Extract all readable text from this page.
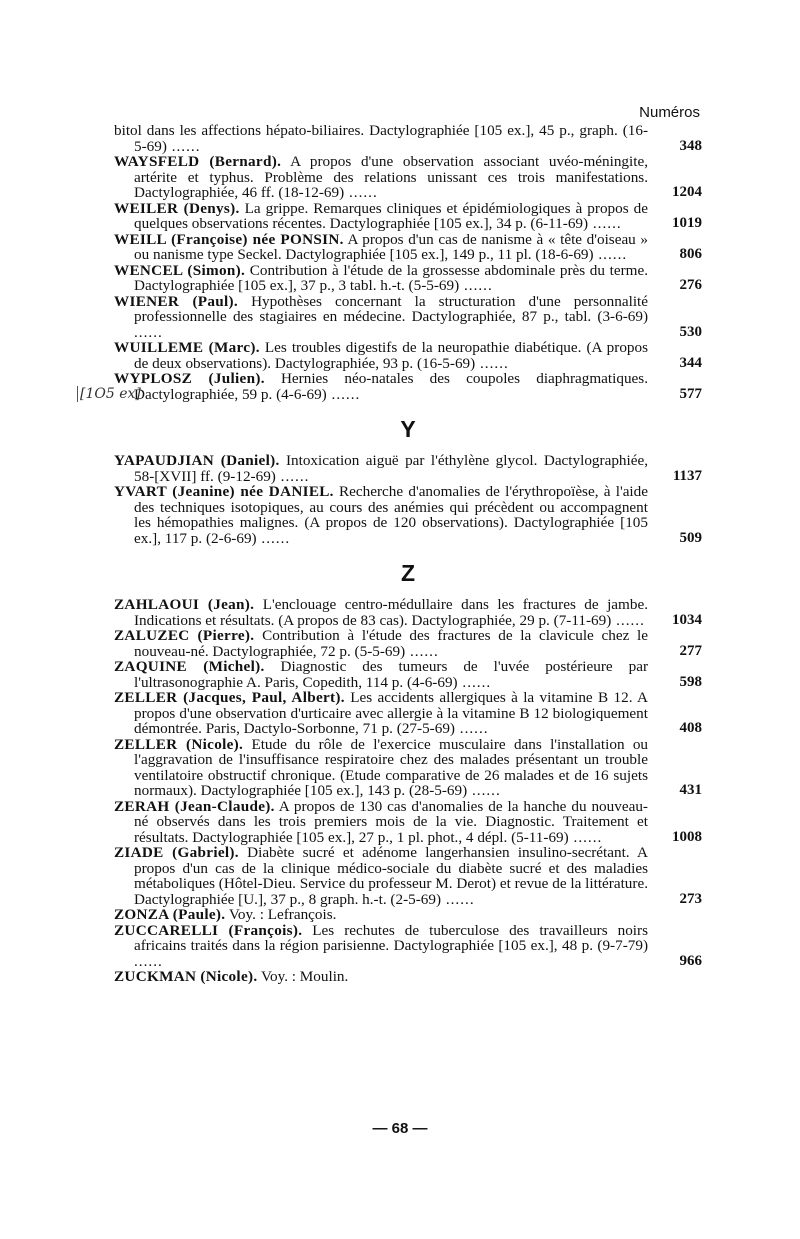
Numéros

bitol dans les affections hépato-biliaires. Dactylographiée [105 ex.], 45 p., graph. (16-5-69) ......	348

WAYSFELD (Bernard). A propos d'une observation associant uvéo-méningite, artérite et typhus. Problème des relations unissant ces trois manifestations. Dactylographiée, 46 ff. (18-12-69) ......	1204

WEILER (Denys). La grippe. Remarques cliniques et épidémiologiques à propos de quelques observations récentes. Dactylographiée [105 ex.], 34 p. (6-11-69) ......	1019

WEILL (Françoise) née PONSIN. A propos d'un cas de nanisme à « tête d'oiseau » ou nanisme type Seckel. Dactylographiée [105 ex.], 149 p., 11 pl. (18-6-69) ......	806

WENCEL (Simon). Contribution à l'étude de la grossesse abdominale près du terme. Dactylographiée [105 ex.], 37 p., 3 tabl. h.-t. (5-5-69) ......	276

WIENER (Paul). Hypothèses concernant la structuration d'une personnalité professionnelle des stagiaires en médecine. Dactylographiée, 87 p., tabl. (3-6-69) ......	530

WUILLEME (Marc). Les troubles digestifs de la neuropathie diabétique. (A propos de deux observations). Dactylographiée, 93 p. (16-5-69) ......	344

WYPLOSZ (Julien). Hernies néo-natales des coupoles diaphragmatiques. Dactylographiée, 59 p. (4-6-69) ......	577

Y

YAPAUDJIAN (Daniel). Intoxication aiguë par l'éthylène glycol. Dactylographiée, 58-[XVII] ff. (9-12-69) ......	1137

YVART (Jeanine) née DANIEL. Recherche d'anomalies de l'érythropoïèse, à l'aide des techniques isotopiques, au cours des anémies qui précèdent ou accompagnent les hémopathies malignes. (A propos de 120 observations). Dactylographiée [105 ex.], 117 p. (2-6-69) ......	509

Z

ZAHLAOUI (Jean). L'enclouage centro-médullaire dans les fractures de jambe. Indications et résultats. (A propos de 83 cas). Dactylographiée, 29 p. (7-11-69) ......	1034

ZALUZEC (Pierre). Contribution à l'étude des fractures de la clavicule chez le nouveau-né. Dactylographiée, 72 p. (5-5-69) ......	277

ZAQUINE (Michel). Diagnostic des tumeurs de l'uvée postérieure par l'ultrasonographie A. Paris, Copedith, 114 p. (4-6-69) ......	598

ZELLER (Jacques, Paul, Albert). Les accidents allergiques à la vitamine B 12. A propos d'une observation d'urticaire avec allergie à la vitamine B 12 biologiquement démontrée. Paris, Dactylo-Sorbonne, 71 p. (27-5-69) ......	408

ZELLER (Nicole). Etude du rôle de l'exercice musculaire dans l'installation ou l'aggravation de l'insuffisance respiratoire chez des malades présentant un trouble ventilatoire obstructif chronique. (Etude comparative de 26 malades et de 16 sujets normaux). Dactylographiée [105 ex.], 143 p. (28-5-69) ......	431

ZERAH (Jean-Claude). A propos de 130 cas d'anomalies de la hanche du nouveau-né observés dans les trois premiers mois de la vie. Diagnostic. Traitement et résultats. Dactylographiée [105 ex.], 27 p., 1 pl. phot., 4 dépl. (5-11-69) ......	1008

ZIADE (Gabriel). Diabète sucré et adénome langerhansien insulino-secrétant. A propos d'un cas de la clinique médico-sociale du diabète sucré et des maladies métaboliques (Hôtel-Dieu. Service du professeur M. Derot) et revue de la littérature. Dactylographiée [U.], 37 p., 8 graph. h.-t. (2-5-69) ......	273

ZONZA (Paule). Voy. : Lefrançois.

ZUCCARELLI (François). Les rechutes de tuberculose des travailleurs noirs africains traités dans la région parisienne. Dactylographiée [105 ex.], 48 p. (9-7-79) ......	966

ZUCKMAN (Nicole). Voy. : Moulin.

[1O5 ex]
— 68 —
